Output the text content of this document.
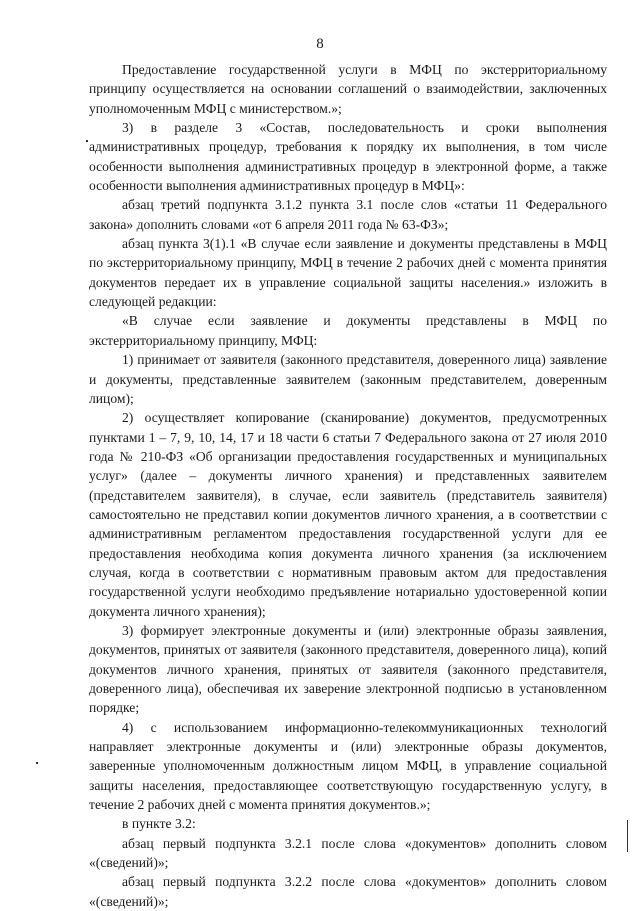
8

Предоставление государственной услуги в МФЦ по экстерриториальному принципу осуществляется на основании соглашений о взаимодействии, заключенных уполномоченным МФЦ с министерством.»;

3) в разделе 3 «Состав, последовательность и сроки выполнения административных процедур, требования к порядку их выполнения, в том числе особенности выполнения административных процедур в электронной форме, а также особенности выполнения административных процедур в МФЦ»:

абзац третий подпункта 3.1.2 пункта 3.1 после слов «статьи 11 Федерального закона» дополнить словами «от 6 апреля 2011 года № 63-ФЗ»;

абзац пункта 3(1).1 «В случае если заявление и документы представлены в МФЦ по экстерриториальному принципу, МФЦ в течение 2 рабочих дней с момента принятия документов передает их в управление социальной защиты населения.» изложить в следующей редакции:

«В случае если заявление и документы представлены в МФЦ по экстерриториальному принципу, МФЦ:

1) принимает от заявителя (законного представителя, доверенного лица) заявление и документы, представленные заявителем (законным представителем, доверенным лицом);

2) осуществляет копирование (сканирование) документов, предусмотренных пунктами 1 – 7, 9, 10, 14, 17 и 18 части 6 статьи 7 Федерального закона от 27 июля 2010 года № 210-ФЗ «Об организации предоставления государственных и муниципальных услуг» (далее – документы личного хранения) и представленных заявителем (представителем заявителя), в случае, если заявитель (представитель заявителя) самостоятельно не представил копии документов личного хранения, а в соответствии с административным регламентом предоставления государственной услуги для ее предоставления необходима копия документа личного хранения (за исключением случая, когда в соответствии с нормативным правовым актом для предоставления государственной услуги необходимо предъявление нотариально удостоверенной копии документа личного хранения);

3) формирует электронные документы и (или) электронные образы заявления, документов, принятых от заявителя (законного представителя, доверенного лица), копий документов личного хранения, принятых от заявителя (законного представителя, доверенного лица), обеспечивая их заверение электронной подписью в установленном порядке;

4) с использованием информационно-телекоммуникационных технологий направляет электронные документы и (или) электронные образы документов, заверенные уполномоченным должностным лицом МФЦ, в управление социальной защиты населения, предоставляющее соответствующую государственную услугу, в течение 2 рабочих дней с момента принятия документов.»;

в пункте 3.2:

абзац первый подпункта 3.2.1 после слова «документов» дополнить словом «(сведений)»;

абзац первый подпункта 3.2.2 после слова «документов» дополнить словом «(сведений)»;
